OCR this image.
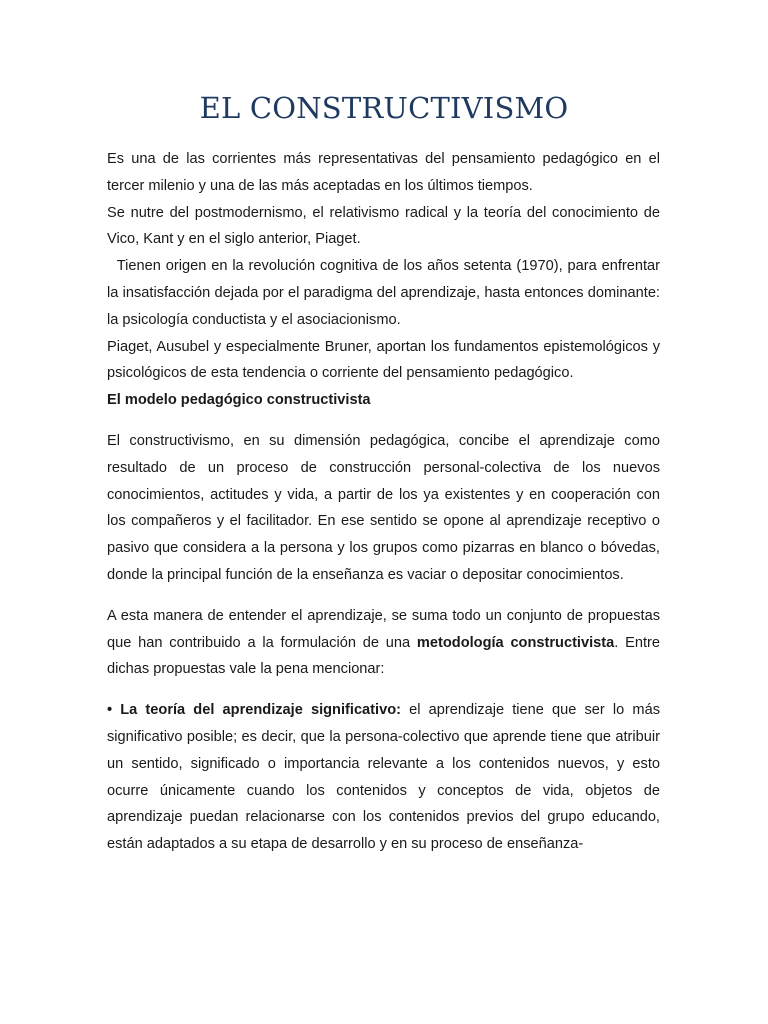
EL CONSTRUCTIVISMO

Es una de las corrientes más representativas del pensamiento pedagógico en el tercer milenio y una de las más aceptadas en los últimos tiempos.

Se nutre del postmodernismo, el relativismo radical y la teoría del conocimiento de Vico, Kant y en el siglo anterior, Piaget.

Tienen origen en la revolución cognitiva de los años setenta (1970), para enfrentar la insatisfacción dejada por el paradigma del aprendizaje, hasta entonces dominante: la psicología conductista y el asociacionismo.

Piaget, Ausubel y especialmente Bruner, aportan los fundamentos epistemológicos y psicológicos de esta tendencia o corriente del pensamiento pedagógico.

El modelo pedagógico constructivista

El constructivismo, en su dimensión pedagógica, concibe el aprendizaje como resultado de un proceso de construcción personal-colectiva de los nuevos conocimientos, actitudes y vida, a partir de los ya existentes y en cooperación con los compañeros y el facilitador. En ese sentido se opone al aprendizaje receptivo o pasivo que considera a la persona y los grupos como pizarras en blanco o bóvedas, donde la principal función de la enseñanza es vaciar o depositar conocimientos.

A esta manera de entender el aprendizaje, se suma todo un conjunto de propuestas que han contribuido a la formulación de una metodología constructivista. Entre dichas propuestas vale la pena mencionar:

• La teoría del aprendizaje significativo: el aprendizaje tiene que ser lo más significativo posible; es decir, que la persona-colectivo que aprende tiene que atribuir un sentido, significado o importancia relevante a los contenidos nuevos, y esto ocurre únicamente cuando los contenidos y conceptos de vida, objetos de aprendizaje puedan relacionarse con los contenidos previos del grupo educando, están adaptados a su etapa de desarrollo y en su proceso de enseñanza-
